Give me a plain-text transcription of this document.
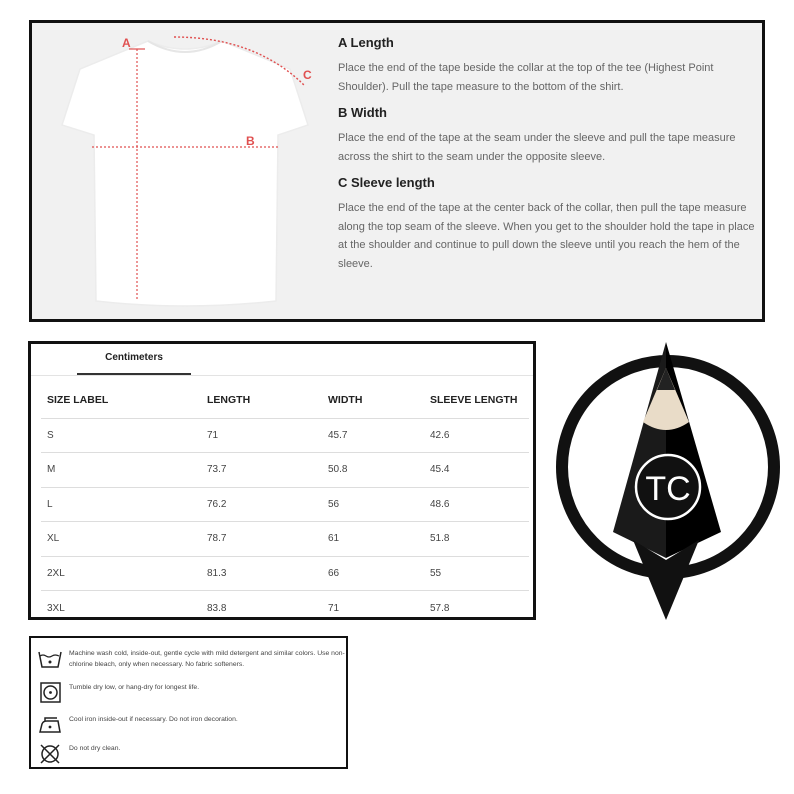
A
B
C
A Length

Place the end of the tape beside the collar at the top of the tee (Highest Point Shoulder). Pull the tape measure to the bottom of the shirt.

B Width

Place the end of the tape at the seam under the sleeve and pull the tape measure across the shirt to the seam under the opposite sleeve.

C Sleeve length

Place the end of the tape at the center back of the collar, then pull the tape measure along the top seam of the sleeve. When you get to the shoulder hold the tape in place at the shoulder and continue to pull down the sleeve until you reach the hem of the sleeve.

Centimeters
SIZE LABEL	LENGTH	WIDTH	SLEEVE LENGTH
S	71	45.7	42.6
M	73.7	50.8	45.4
L	76.2	56	48.6
XL	78.7	61	51.8
2XL	81.3	66	55
3XL	83.8	71	57.8
TC
Machine wash cold, inside-out, gentle cycle with mild detergent and similar colors. Use non-chlorine bleach, only when necessary. No fabric softeners.
Tumble dry low, or hang-dry for longest life.
Cool iron inside-out if necessary. Do not iron decoration.
Do not dry clean.
